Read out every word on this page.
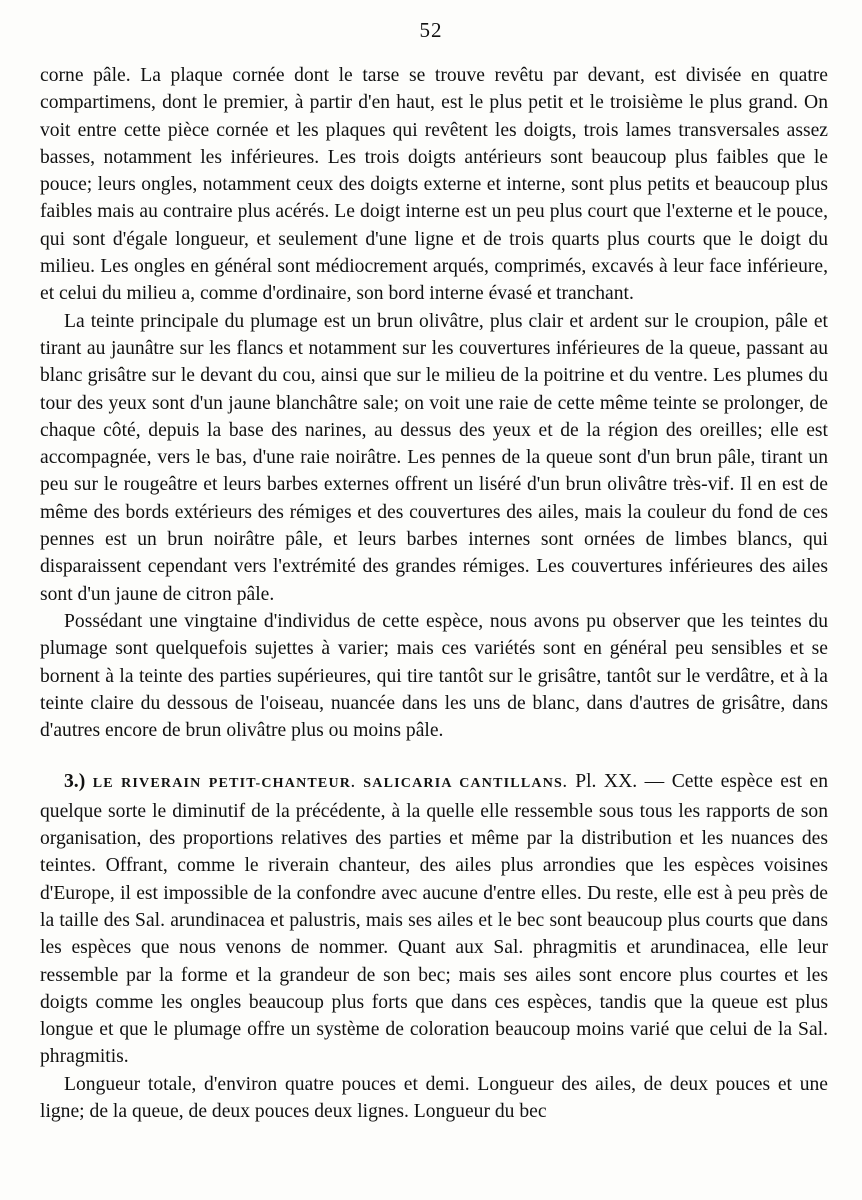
52

corne pâle. La plaque cornée dont le tarse se trouve revêtu par devant, est divisée en quatre compartimens, dont le premier, à partir d'en haut, est le plus petit et le troisième le plus grand. On voit entre cette pièce cornée et les plaques qui revêtent les doigts, trois lames transversales assez basses, notamment les inférieures. Les trois doigts antérieurs sont beaucoup plus faibles que le pouce; leurs ongles, notamment ceux des doigts externe et interne, sont plus petits et beaucoup plus faibles mais au contraire plus acérés. Le doigt interne est un peu plus court que l'externe et le pouce, qui sont d'égale longueur, et seulement d'une ligne et de trois quarts plus courts que le doigt du milieu. Les ongles en général sont médiocrement arqués, comprimés, excavés à leur face inférieure, et celui du milieu a, comme d'ordinaire, son bord interne évasé et tranchant.

La teinte principale du plumage est un brun olivâtre, plus clair et ardent sur le croupion, pâle et tirant au jaunâtre sur les flancs et notamment sur les couvertures inférieures de la queue, passant au blanc grisâtre sur le devant du cou, ainsi que sur le milieu de la poitrine et du ventre. Les plumes du tour des yeux sont d'un jaune blanchâtre sale; on voit une raie de cette même teinte se prolonger, de chaque côté, depuis la base des narines, au dessus des yeux et de la région des oreilles; elle est accompagnée, vers le bas, d'une raie noirâtre. Les pennes de la queue sont d'un brun pâle, tirant un peu sur le rougeâtre et leurs barbes externes offrent un liséré d'un brun olivâtre très-vif. Il en est de même des bords extérieurs des rémiges et des couvertures des ailes, mais la couleur du fond de ces pennes est un brun noirâtre pâle, et leurs barbes internes sont ornées de limbes blancs, qui disparaissent cependant vers l'extrémité des grandes rémiges. Les couvertures inférieures des ailes sont d'un jaune de citron pâle.

Possédant une vingtaine d'individus de cette espèce, nous avons pu observer que les teintes du plumage sont quelquefois sujettes à varier; mais ces variétés sont en général peu sensibles et se bornent à la teinte des parties supérieures, qui tire tantôt sur le grisâtre, tantôt sur le verdâtre, et à la teinte claire du dessous de l'oiseau, nuancée dans les uns de blanc, dans d'autres de grisâtre, dans d'autres encore de brun olivâtre plus ou moins pâle.

3.) LE RIVERAIN PETIT-CHANTEUR. SALICARIA CANTILLANS. Pl. XX. — Cette espèce est en quelque sorte le diminutif de la précédente, à la quelle elle ressemble sous tous les rapports de son organisation, des proportions relatives des parties et même par la distribution et les nuances des teintes. Offrant, comme le riverain chanteur, des ailes plus arrondies que les espèces voisines d'Europe, il est impossible de la confondre avec aucune d'entre elles. Du reste, elle est à peu près de la taille des Sal. arundinacea et palustris, mais ses ailes et le bec sont beaucoup plus courts que dans les espèces que nous venons de nommer. Quant aux Sal. phragmitis et arundinacea, elle leur ressemble par la forme et la grandeur de son bec; mais ses ailes sont encore plus courtes et les doigts comme les ongles beaucoup plus forts que dans ces espèces, tandis que la queue est plus longue et que le plumage offre un système de coloration beaucoup moins varié que celui de la Sal. phragmitis.

Longueur totale, d'environ quatre pouces et demi. Longueur des ailes, de deux pouces et une ligne; de la queue, de deux pouces deux lignes. Longueur du bec
